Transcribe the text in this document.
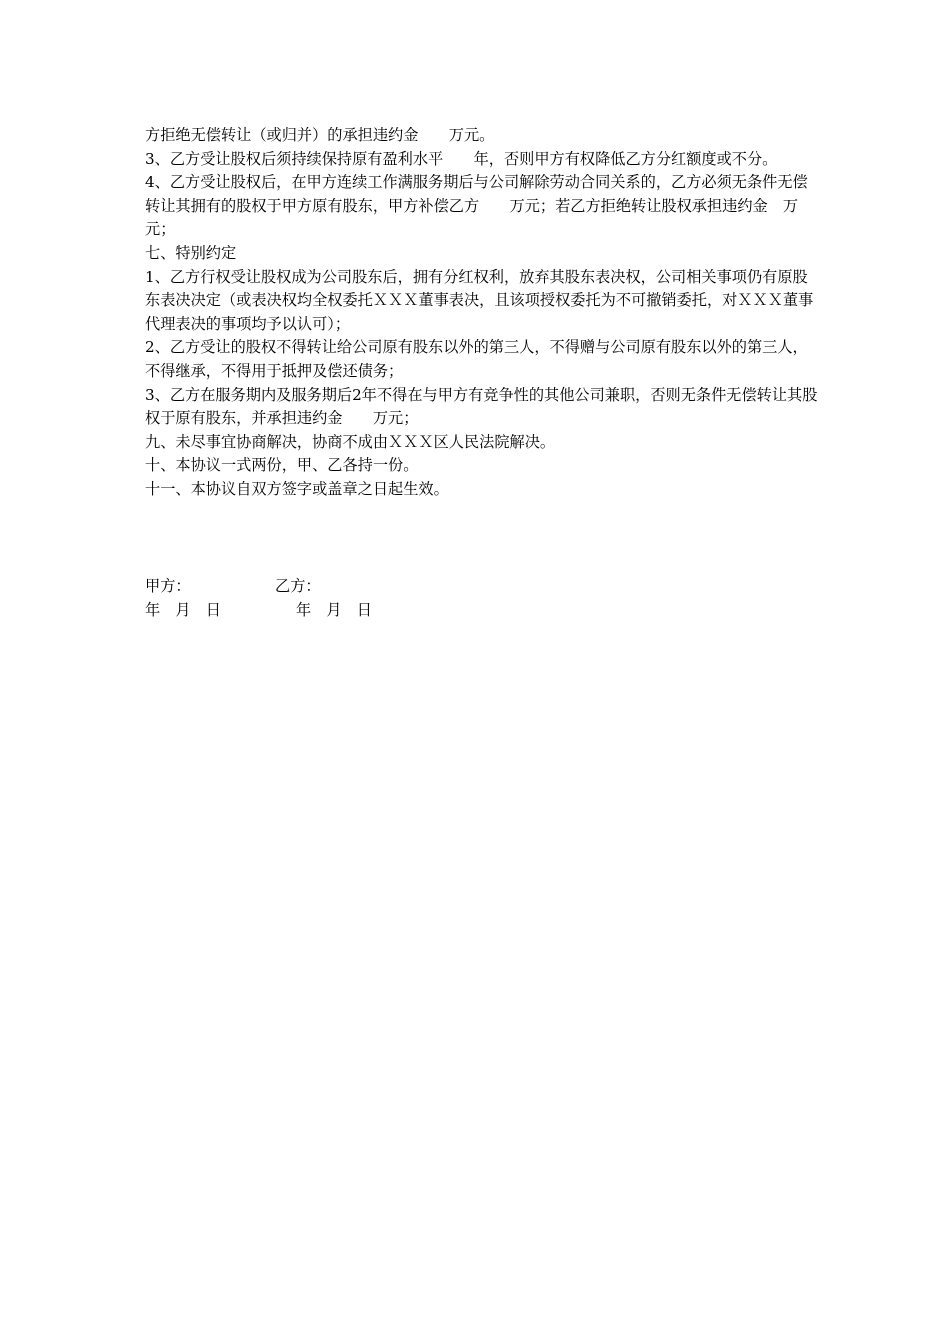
方拒绝无偿转让（或归并）的承担违约金　　万元。

3、乙方受让股权后须持续保持原有盈利水平　　年，否则甲方有权降低乙方分红额度或不分。

4、乙方受让股权后，在甲方连续工作满服务期后与公司解除劳动合同关系的，乙方必须无条件无偿转让其拥有的股权于甲方原有股东，甲方补偿乙方　　万元；若乙方拒绝转让股权承担违约金　万元；

七、特别约定

1、乙方行权受让股权成为公司股东后，拥有分红权利，放弃其股东表决权，公司相关事项仍有原股东表决决定（或表决权均全权委托ＸＸＸ董事表决，且该项授权委托为不可撤销委托，对ＸＸＸ董事代理表决的事项均予以认可）；

2、乙方受让的股权不得转让给公司原有股东以外的第三人，不得赠与公司原有股东以外的第三人，不得继承，不得用于抵押及偿还债务；

3、乙方在服务期内及服务期后2年不得在与甲方有竞争性的其他公司兼职，否则无条件无偿转让其股权于原有股东，并承担违约金　　万元；

九、未尽事宜协商解决，协商不成由ＸＸＸ区人民法院解决。

十、本协议一式两份，甲、乙各持一份。

十一、本协议自双方签字或盖章之日起生效。

甲方：	乙方：
年　月　日	年　月　日
